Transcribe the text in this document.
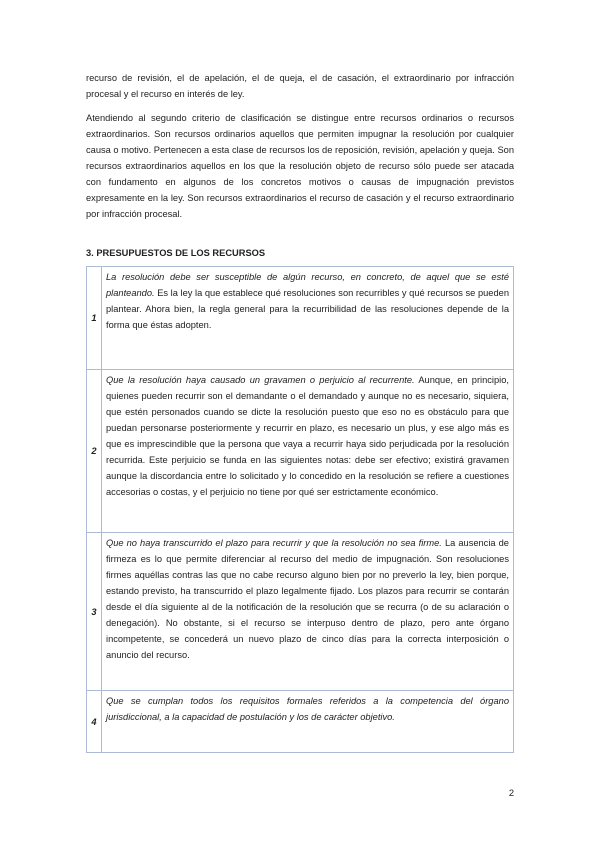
recurso de revisión, el de apelación, el de queja, el de casación, el extraordinario por infracción procesal y el recurso en interés de ley.

Atendiendo al segundo criterio de clasificación se distingue entre recursos ordinarios o recursos extraordinarios. Son recursos ordinarios aquellos que permiten impugnar la resolución por cualquier causa o motivo. Pertenecen a esta clase de recursos los de reposición, revisión, apelación y queja. Son recursos extraordinarios aquellos en los que la resolución objeto de recurso sólo puede ser atacada con fundamento en algunos de los concretos motivos o causas de impugnación previstos expresamente en la ley. Son recursos extraordinarios el recurso de casación y el recurso extraordinario por infracción procesal.

3. PRESUPUESTOS DE LOS RECURSOS

1	La resolución debe ser susceptible de algún recurso, en concreto, de aquel que se esté planteando. Es la ley la que establece qué resoluciones son recurribles y qué recursos se pueden plantear. Ahora bien, la regla general para la recurribilidad de las resoluciones depende de la forma que éstas adopten.
2	Que la resolución haya causado un gravamen o perjuicio al recurrente. Aunque, en principio, quienes pueden recurrir son el demandante o el demandado y aunque no es necesario, siquiera, que estén personados cuando se dicte la resolución puesto que eso no es obstáculo para que puedan personarse posteriormente y recurrir en plazo, es necesario un plus, y ese algo más es que es imprescindible que la persona que vaya a recurrir haya sido perjudicada por la resolución recurrida. Este perjuicio se funda en las siguientes notas: debe ser efectivo; existirá gravamen aunque la discordancia entre lo solicitado y lo concedido en la resolución se refiere a cuestiones accesorias o costas, y el perjuicio no tiene por qué ser estrictamente económico.
3	Que no haya transcurrido el plazo para recurrir y que la resolución no sea firme. La ausencia de firmeza es lo que permite diferenciar al recurso del medio de impugnación. Son resoluciones firmes aquéllas contras las que no cabe recurso alguno bien por no preverlo la ley, bien porque, estando previsto, ha transcurrido el plazo legalmente fijado. Los plazos para recurrir se contarán desde el día siguiente al de la notificación de la resolución que se recurra (o de su aclaración o denegación). No obstante, si el recurso se interpuso dentro de plazo, pero ante órgano incompetente, se concederá un nuevo plazo de cinco días para la correcta interposición o anuncio del recurso.
4	Que se cumplan todos los requisitos formales referidos a la competencia del órgano jurisdiccional, a la capacidad de postulación y los de carácter objetivo.
2
